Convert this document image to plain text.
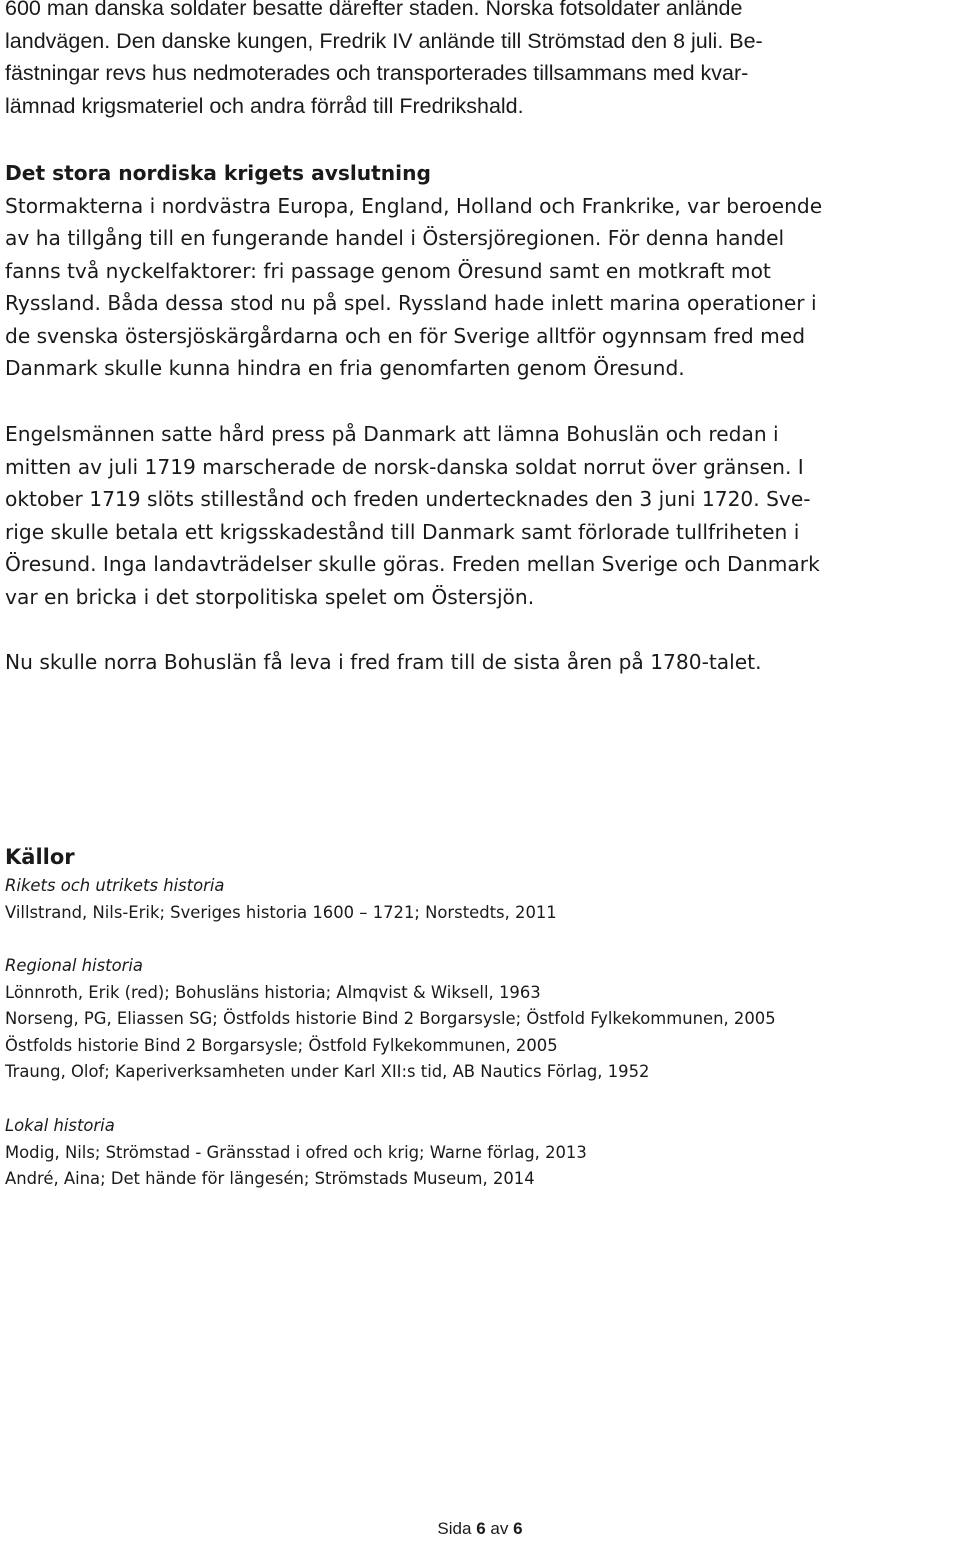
600 man danska soldater besatte därefter staden. Norska fotsoldater anlände
landvägen. Den danske kungen, Fredrik IV anlände till Strömstad den 8 juli. Be-
fästningar revs hus nedmoterades och transporterades tillsammans med kvar-
lämnad krigsmateriel och andra förråd till Fredrikshald.
Det stora nordiska krigets avslutning
Stormakterna i nordvästra Europa, England, Holland och Frankrike, var beroende
av ha tillgång till en fungerande handel i Östersjöregionen. För denna handel
fanns två nyckelfaktorer: fri passage genom Öresund samt en motkraft mot
Ryssland. Båda dessa stod nu på spel. Ryssland hade inlett marina operationer i
de svenska östersjöskärgårdarna och en för Sverige alltför ogynnsam fred med
Danmark skulle kunna hindra en fria genomfarten genom Öresund.
Engelsmännen satte hård press på Danmark att lämna Bohuslän och redan i
mitten av juli 1719 marscherade de norsk-danska soldat norrut över gränsen. I
oktober 1719 slöts stillestånd och freden undertecknades den 3 juni 1720. Sve-
rige skulle betala ett krigsskadestånd till Danmark samt förlorade tullfriheten i
Öresund. Inga landavträdelser skulle göras. Freden mellan Sverige och Danmark
var en bricka i det storpolitiska spelet om Östersjön.
Nu skulle norra Bohuslän få leva i fred fram till de sista åren på 1780-talet.
Källor
Rikets och utrikets historia
Villstrand, Nils-Erik; Sveriges historia 1600 – 1721; Norstedts, 2011
Regional historia
Lönnroth, Erik (red); Bohusläns historia; Almqvist & Wiksell, 1963
Norseng, PG, Eliassen SG; Östfolds historie Bind 2 Borgarsysle; Östfold Fylkekommunen, 2005
Östfolds historie Bind 2 Borgarsysle; Östfold Fylkekommunen, 2005
Traung, Olof; Kaperiverksamheten under Karl XII:s tid, AB Nautics Förlag, 1952
Lokal historia
Modig, Nils; Strömstad - Gränsstad i ofred och krig; Warne förlag, 2013
André, Aina; Det hände för längesén; Strömstads Museum, 2014
Sida 6 av 6
